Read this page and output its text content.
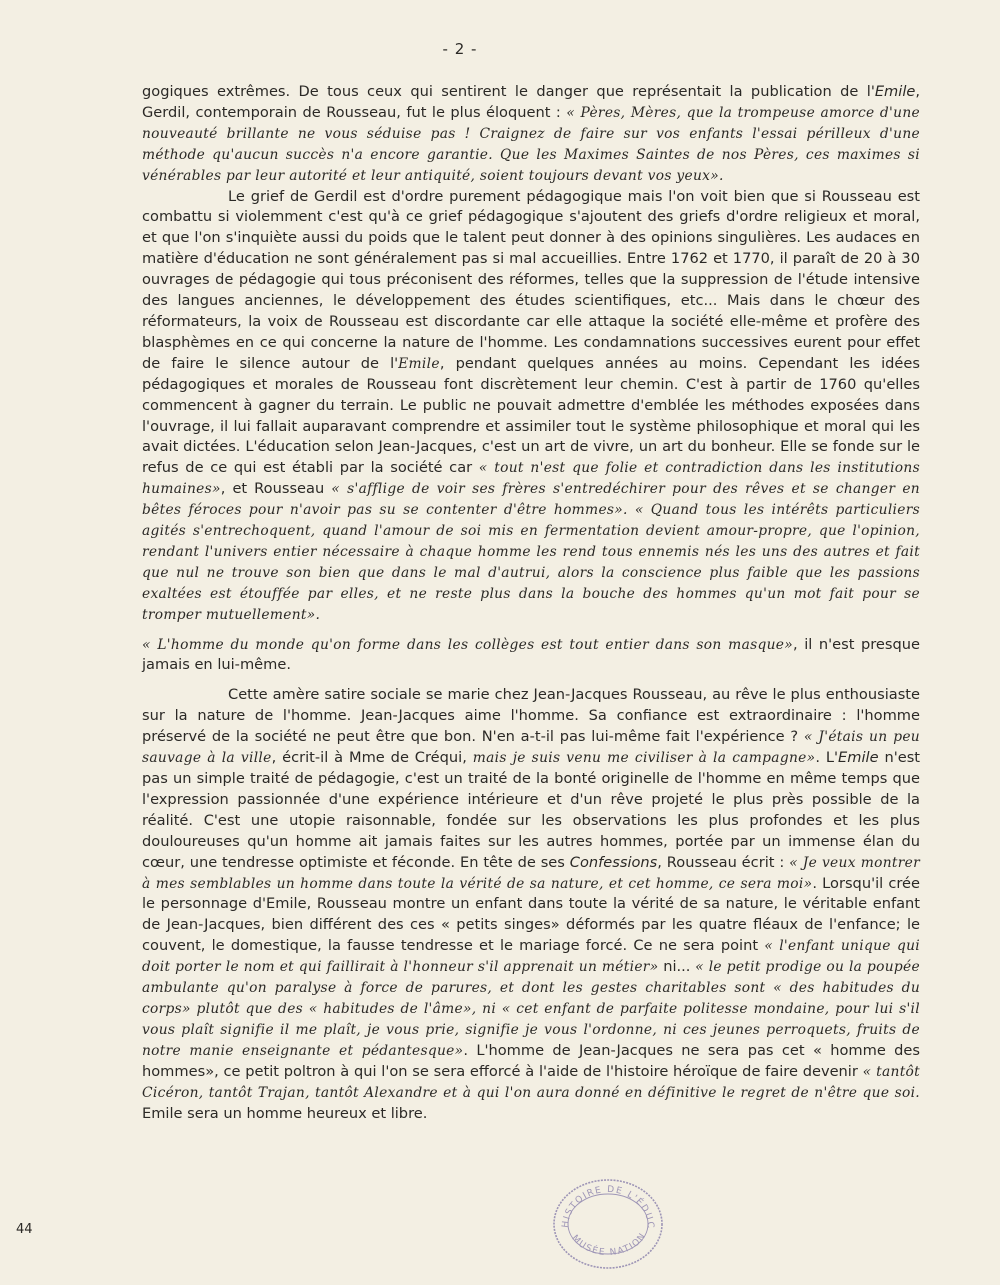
- 2 -

gogiques extrêmes. De tous ceux qui sentirent le danger que représentait la publication de l'Emile, Gerdil, contemporain de Rousseau, fut le plus éloquent : « Pères, Mères, que la trompeuse amorce d'une nouveauté brillante ne vous séduise pas ! Craignez de faire sur vos enfants l'essai périlleux d'une méthode qu'aucun succès n'a encore garantie. Que les Maximes Saintes de nos Pères, ces maximes si vénérables par leur autorité et leur antiquité, soient toujours devant vos yeux».

Le grief de Gerdil est d'ordre purement pédagogique mais l'on voit bien que si Rousseau est combattu si violemment c'est qu'à ce grief pédagogique s'ajoutent des griefs d'ordre religieux et moral, et que l'on s'inquiète aussi du poids que le talent peut donner à des opinions singulières. Les audaces en matière d'éducation ne sont généralement pas si mal accueillies. Entre 1762 et 1770, il paraît de 20 à 30 ouvrages de pédagogie qui tous préconisent des réformes, telles que la suppression de l'étude intensive des langues anciennes, le développement des études scientifiques, etc... Mais dans le chœur des réformateurs, la voix de Rousseau est discordante car elle attaque la société elle-même et profère des blasphèmes en ce qui concerne la nature de l'homme. Les condamnations successives eurent pour effet de faire le silence autour de l'Emile, pendant quelques années au moins. Cependant les idées pédagogiques et morales de Rousseau font discrètement leur chemin. C'est à partir de 1760 qu'elles commencent à gagner du terrain. Le public ne pouvait admettre d'emblée les méthodes exposées dans l'ouvrage, il lui fallait auparavant comprendre et assimiler tout le système philosophique et moral qui les avait dictées. L'éducation selon Jean-Jacques, c'est un art de vivre, un art du bonheur. Elle se fonde sur le refus de ce qui est établi par la société car « tout n'est que folie et contradiction dans les institutions humaines», et Rousseau « s'afflige de voir ses frères s'entredéchirer pour des rêves et se changer en bêtes féroces pour n'avoir pas su se contenter d'être hommes». « Quand tous les intérêts particuliers agités s'entrechoquent, quand l'amour de soi mis en fermentation devient amour-propre, que l'opinion, rendant l'univers entier nécessaire à chaque homme les rend tous ennemis nés les uns des autres et fait que nul ne trouve son bien que dans le mal d'autrui, alors la conscience plus faible que les passions exaltées est étouffée par elles, et ne reste plus dans la bouche des hommes qu'un mot fait pour se tromper mutuellement».

« L'homme du monde qu'on forme dans les collèges est tout entier dans son masque», il n'est presque jamais en lui-même.

Cette amère satire sociale se marie chez Jean-Jacques Rousseau, au rêve le plus enthousiaste sur la nature de l'homme. Jean-Jacques aime l'homme. Sa confiance est extraordinaire : l'homme préservé de la société ne peut être que bon. N'en a-t-il pas lui-même fait l'expérience ? « J'étais un peu sauvage à la ville, écrit-il à Mme de Créqui, mais je suis venu me civiliser à la campagne». L'Emile n'est pas un simple traité de pédagogie, c'est un traité de la bonté originelle de l'homme en même temps que l'expression passionnée d'une expérience intérieure et d'un rêve projeté le plus près possible de la réalité. C'est une utopie raisonnable, fondée sur les observations les plus profondes et les plus douloureuses qu'un homme ait jamais faites sur les autres hommes, portée par un immense élan du cœur, une tendresse optimiste et féconde. En tête de ses Confessions, Rousseau écrit : « Je veux montrer à mes semblables un homme dans toute la vérité de sa nature, et cet homme, ce sera moi». Lorsqu'il crée le personnage d'Emile, Rousseau montre un enfant dans toute la vérité de sa nature, le véritable enfant de Jean-Jacques, bien différent des ces « petits singes» déformés par les quatre fléaux de l'enfance; le couvent, le domestique, la fausse tendresse et le mariage forcé. Ce ne sera point « l'enfant unique qui doit porter le nom et qui faillirait à l'honneur s'il apprenait un métier» ni... « le petit prodige ou la poupée ambulante qu'on paralyse à force de parures, et dont les gestes charitables sont « des habitudes du corps» plutôt que des « habitudes de l'âme», ni « cet enfant de parfaite politesse mondaine, pour lui s'il vous plaît signifie il me plaît, je vous prie, signifie je vous l'ordonne, ni ces jeunes perroquets, fruits de notre manie enseignante et pédantesque». L'homme de Jean-Jacques ne sera pas cet « homme des hommes», ce petit poltron à qui l'on se sera efforcé à l'aide de l'histoire héroïque de faire devenir « tantôt Cicéron, tantôt Trajan, tantôt Alexandre et à qui l'on aura donné en définitive le regret de n'être que soi. Emile sera un homme heureux et libre.

44	HISTOIRE DE L'ÉDUC
MUSÉE NATION
